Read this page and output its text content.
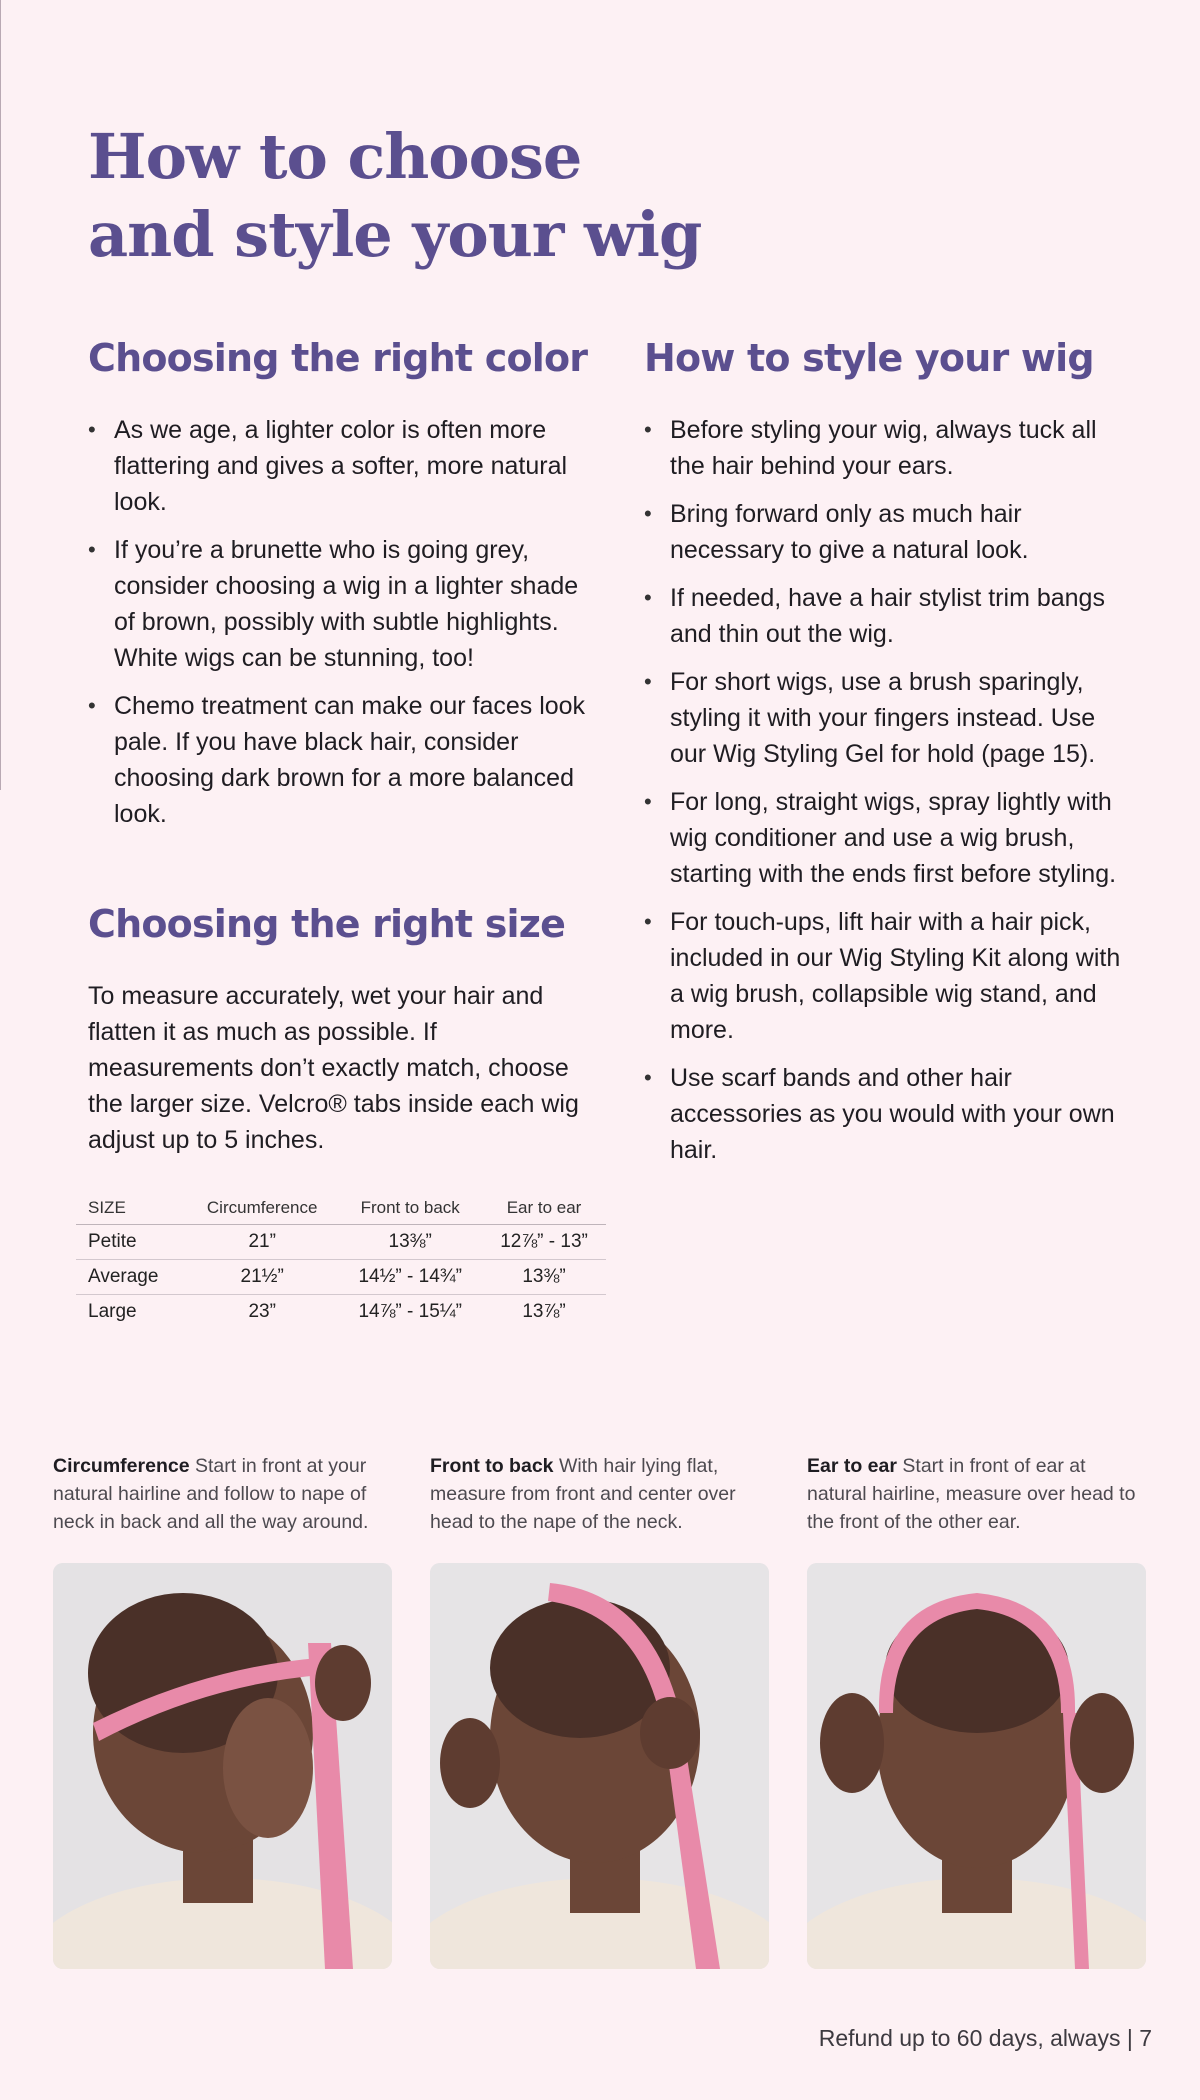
How to choose
and style your wig
Choosing the right color
• As we age, a lighter color is often more flattering and gives a softer, more natural look.
• If you’re a brunette who is going grey, consider choosing a wig in a lighter shade of brown, possibly with subtle highlights. White wigs can be stunning, too!
• Chemo treatment can make our faces look pale. If you have black hair, consider choosing dark brown for a more balanced look.
Choosing the right size

To measure accurately, wet your hair and flatten it as much as possible. If measurements don’t exactly match, choose the larger size. Velcro® tabs inside each wig adjust up to 5 inches.

SIZE	Circumference	Front to back	Ear to ear
Petite	21”	13⅜”	12⅞” - 13”
Average	21½”	14½” - 14¾”	13⅜”
Large	23”	14⅞” - 15¼”	13⅞”
How to style your wig
• Before styling your wig, always tuck all the hair behind your ears.
• Bring forward only as much hair necessary to give a natural look.
• If needed, have a hair stylist trim bangs and thin out the wig.
• For short wigs, use a brush sparingly, styling it with your fingers instead. Use our Wig Styling Gel for hold (page 15).
• For long, straight wigs, spray lightly with wig conditioner and use a wig brush, starting with the ends first before styling.
• For touch-ups, lift hair with a hair pick, included in our Wig Styling Kit along with a wig brush, collapsible wig stand, and more.
• Use scarf bands and other hair accessories as you would with your own hair.
Circumference Start in front at your natural hairline and follow to nape of neck in back and all the way around.
Front to back With hair lying flat, measure from front and center over head to the nape of the neck.
Ear to ear Start in front of ear at natural hairline, measure over head to the front of the other ear.
Refund up to 60 days, always | 7
